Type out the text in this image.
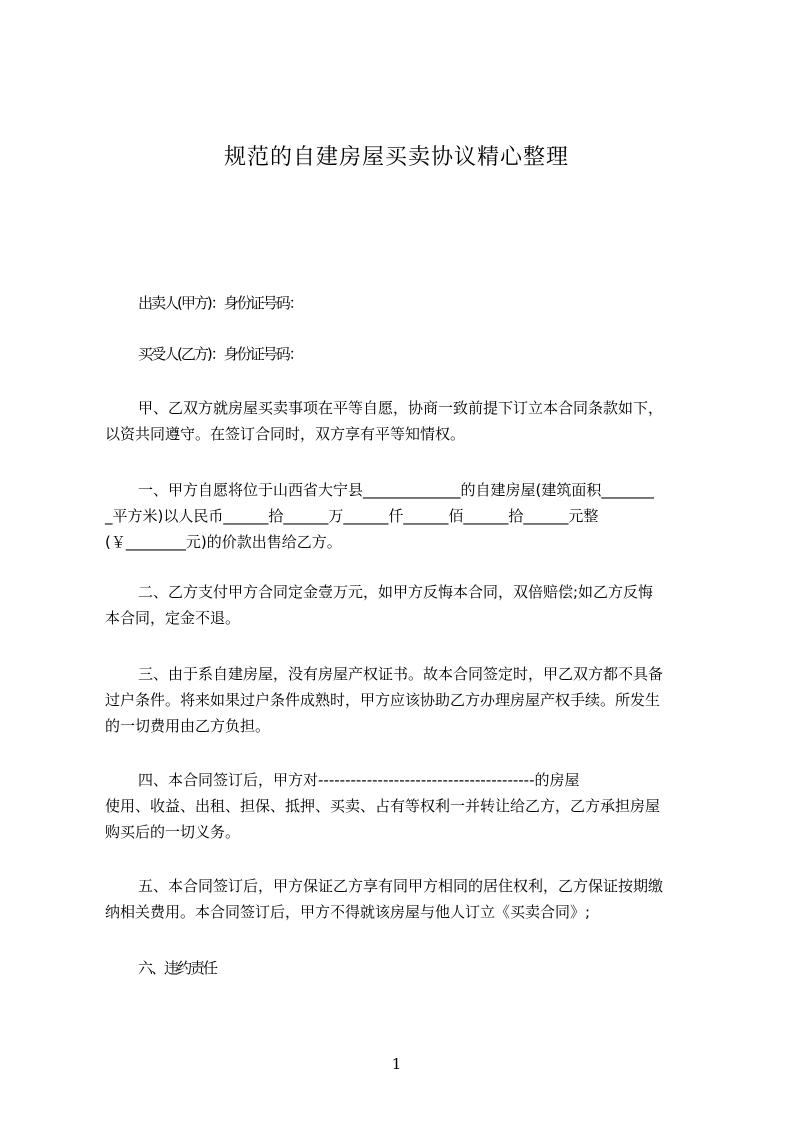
规范的自建房屋买卖协议精心整理

出卖人(甲方)：身份证号码：

买受人(乙方)：身份证号码：

甲、乙双方就房屋买卖事项在平等自愿，协商一致前提下订立本合同条款如下，
以资共同遵守。在签订合同时，双方享有平等知情权。
一、甲方自愿将位于山西省大宁县_____________的自建房屋(建筑面积_______
_平方米)以人民币______拾______万______仟______佰______拾______元整
(￥________元)的价款出售给乙方。
二、乙方支付甲方合同定金壹万元，如甲方反悔本合同，双倍赔偿;如乙方反悔
本合同，定金不退。
三、由于系自建房屋，没有房屋产权证书。故本合同签定时，甲乙双方都不具备
过户条件。将来如果过户条件成熟时，甲方应该协助乙方办理房屋产权手续。所发生
的一切费用由乙方负担。
四、本合同签订后，甲方对----------------------------------------的房屋
使用、收益、出租、担保、抵押、买卖、占有等权利一并转让给乙方，乙方承担房屋
购买后的一切义务。
五、本合同签订后，甲方保证乙方享有同甲方相同的居住权利，乙方保证按期缴
纳相关费用。本合同签订后，甲方不得就该房屋与他人订立《买卖合同》;

六、违约责任

1
